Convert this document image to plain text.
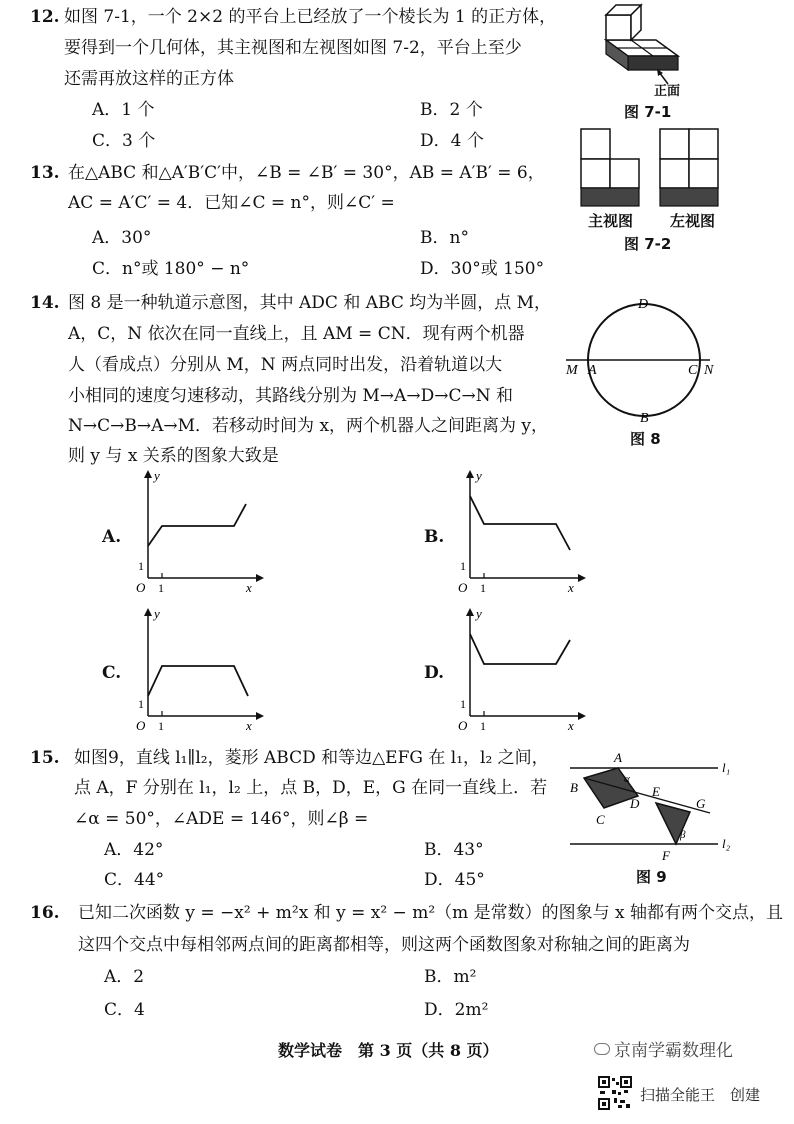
12. 如图 7-1，一个 2×2 的平台上已经放了一个棱长为 1 的正方体，
要得到一个几何体，其主视图和左视图如图 7-2，平台上至少
还需再放这样的正方体
A．1 个	B．2 个
C．3 个	D．4 个
正面
图 7-1
主视图 左视图
图 7-2
13. 在△ABC 和△A′B′C′中，∠B = ∠B′ = 30°，AB = A′B′ = 6，
AC = A′C′ = 4．已知∠C = n°，则∠C′ =
A．30°	B．n°
C．n°或 180° − n°	D．30°或 150°
14. 图 8 是一种轨道示意图，其中 ADC 和 ABC 均为半圆，点 M，
A，C，N 依次在同一直线上，且 AM = CN．现有两个机器
人（看成点）分别从 M，N 两点同时出发，沿着轨道以大
小相同的速度匀速移动，其路线分别为 M→A→D→C→N 和
N→C→B→A→M．若移动时间为 x，两个机器人之间距离为 y，
则 y 与 x 关系的图象大致是
D
M A	C N
B
图 8
A.	B.
C.	D.
y
x
O 1
1
y
x
O 1
1
y
x
O 1
1
y
x
O 1
1
15. 如图9，直线 l₁∥l₂，菱形 ABCD 和等边△EFG 在 l₁，l₂ 之间，
点 A，F 分别在 l₁，l₂ 上，点 B，D，E，G 在同一直线上．若
∠α = 50°，∠ADE = 146°，则∠β =
A．42°	B．43°
C．44°	D．45°
A
α
l₁
B
C
D
E
G
β
F
l₂
图 9
16. 已知二次函数 y = −x² + m²x 和 y = x² − m²（m 是常数）的图象与 x 轴都有两个交点，且
这四个交点中每相邻两点间的距离都相等，则这两个函数图象对称轴之间的距离为
A．2	B．m²
C．4	D．2m²
数学试卷　第 3 页（共 8 页）	京南学霸数理化
扫描全能王　创建
